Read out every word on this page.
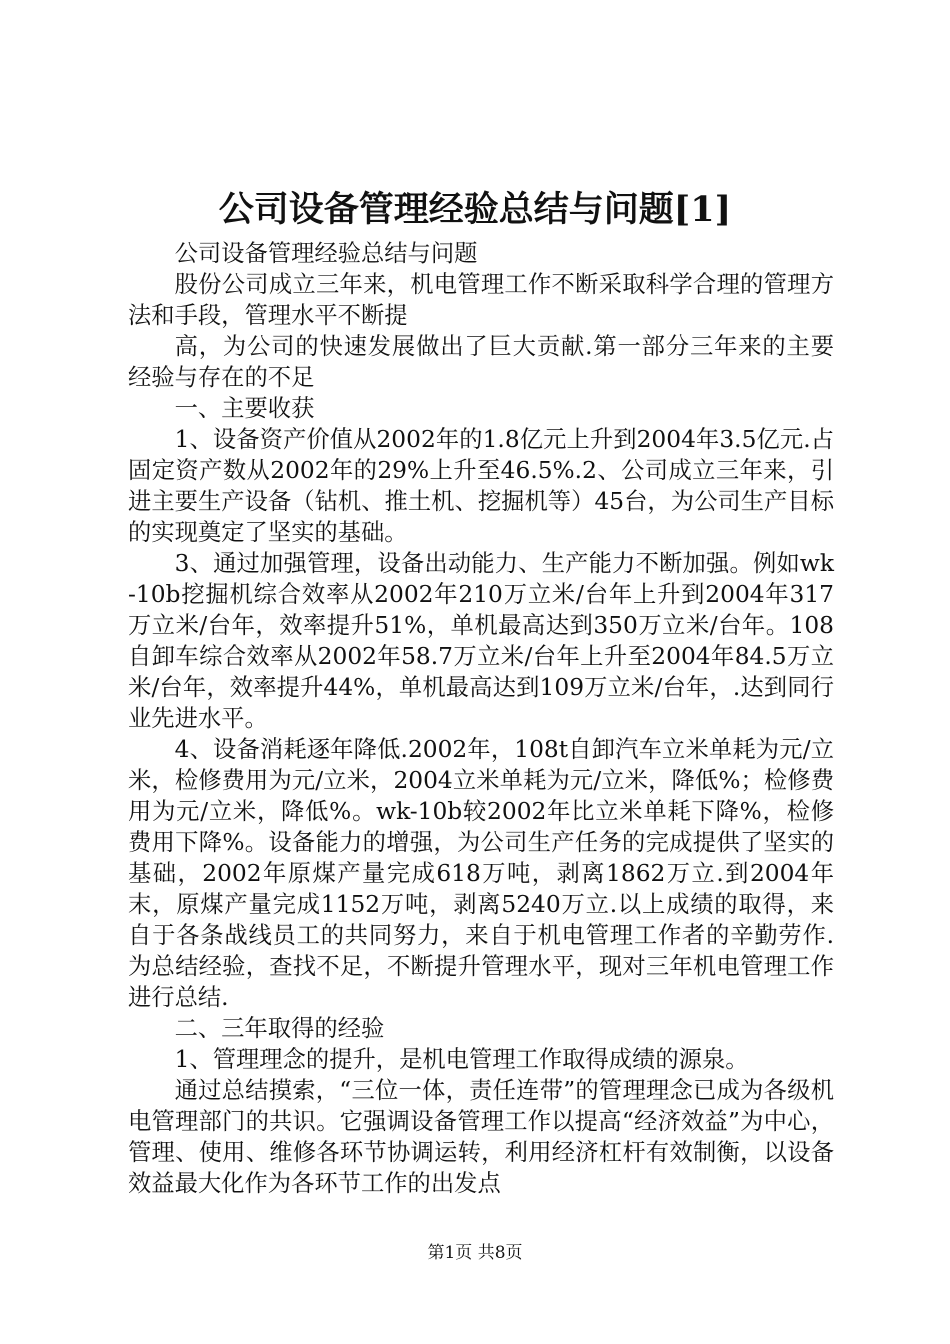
公司设备管理经验总结与问题[1]

公司设备管理经验总结与问题

股份公司成立三年来，机电管理工作不断采取科学合理的管理方法和手段，管理水平不断提

高，为公司的快速发展做出了巨大贡献.第一部分三年来的主要经验与存在的不足

一、主要收获

1、设备资产价值从2002年的1.8亿元上升到2004年3.5亿元.占固定资产数从2002年的29%上升至46.5%.2、公司成立三年来，引进主要生产设备（钻机、推土机、挖掘机等）45台，为公司生产目标的实现奠定了坚实的基础。

3、通过加强管理，设备出动能力、生产能力不断加强。例如wk-10b挖掘机综合效率从2002年210万立米/台年上升到2004年317万立米/台年，效率提升51%，单机最高达到350万立米/台年。108自卸车综合效率从2002年58.7万立米/台年上升至2004年84.5万立米/台年，效率提升44%，单机最高达到109万立米/台年，.达到同行业先进水平。

4、设备消耗逐年降低.2002年，108t自卸汽车立米单耗为元/立米，检修费用为元/立米，2004立米单耗为元/立米，降低%；检修费用为元/立米，降低%。wk-10b较2002年比立米单耗下降%，检修费用下降%。设备能力的增强，为公司生产任务的完成提供了坚实的基础，2002年原煤产量完成618万吨，剥离1862万立.到2004年末，原煤产量完成1152万吨，剥离5240万立.以上成绩的取得，来自于各条战线员工的共同努力，来自于机电管理工作者的辛勤劳作.为总结经验，查找不足，不断提升管理水平，现对三年机电管理工作进行总结.

二、三年取得的经验

1、管理理念的提升，是机电管理工作取得成绩的源泉。

通过总结摸索，“三位一体，责任连带”的管理理念已成为各级机电管理部门的共识。它强调设备管理工作以提高“经济效益”为中心，管理、使用、维修各环节协调运转，利用经济杠杆有效制衡，以设备效益最大化作为各环节工作的出发点

第1页 共8页
